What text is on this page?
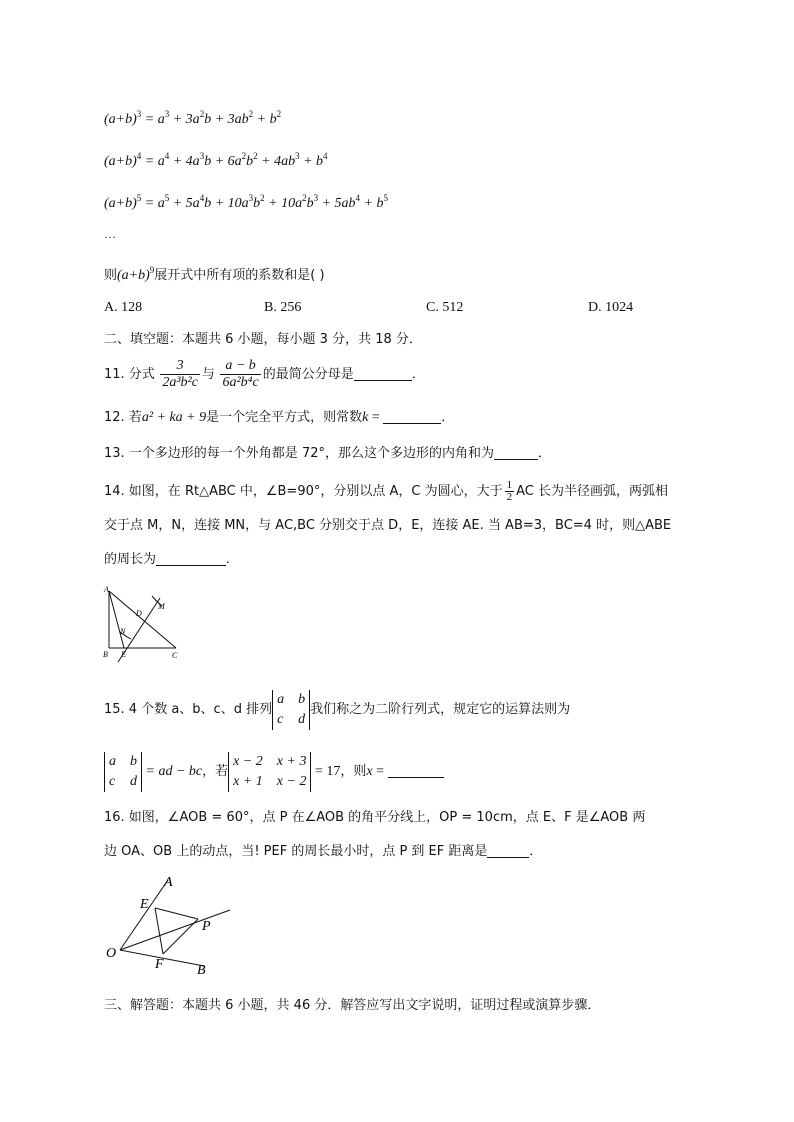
$(a+b)^3 = a^3 + 3a^2b + 3ab^2 + b^2$
$(a+b)^4 = a^4 + 4a^3b + 6a^2b^2 + 4ab^3 + b^4$
$(a+b)^5 = a^5 + 5a^4b + 10a^3b^2 + 10a^2b^3 + 5ab^4 + b^5$
…
则$(a+b)^9$展开式中所有项的系数和是( )
A. 128	B. 256	C. 512	D. 1024
二、填空题：本题共 6 小题，每小题 3 分，共 18 分．
11. 分式 $\frac{3}{\text{2a³b²c}}$ 与 $\frac{a - b}{\text{6a²b⁴c}}$ 的最简公分母是	．
12. 若a² + ka + 9是一个完全平方式，则常数k =	．
13. 一个多边形的每一个外角都是 72°，那么这个多边形的内角和为	．
14. 如图，在 Rt△ABC 中，∠B=90°，分别以点 A，C 为圆心，大于 $\frac{1}{2}$ AC 长为半径画弧，两弧相
交于点 M，N，连接 MN，与 AC,BC 分别交于点 D，E，连接 AE. 当 AB=3，BC=4 时，则△ABE
的周长为	.
A
B	C
D
E
M
N
15. 4 个数 a、b、c、d 排列
a b
c d
我们称之为二阶行列式，规定它的运算法则为
a b
c d
= ad − bc，若
x − 2 x + 3
x + 1 x − 2
= 17，则x =
16. 如图，∠AOB = 60°，点 P 在∠AOB 的角平分线上，OP = 10cm，点 E、F 是∠AOB 两
边 OA、OB 上的动点，当! PEF 的周长最小时，点 P 到 EF 距离是	．
A
B
E
F
O
P
三、解答题：本题共 6 小题，共 46 分．解答应写出文字说明，证明过程或演算步骤．
